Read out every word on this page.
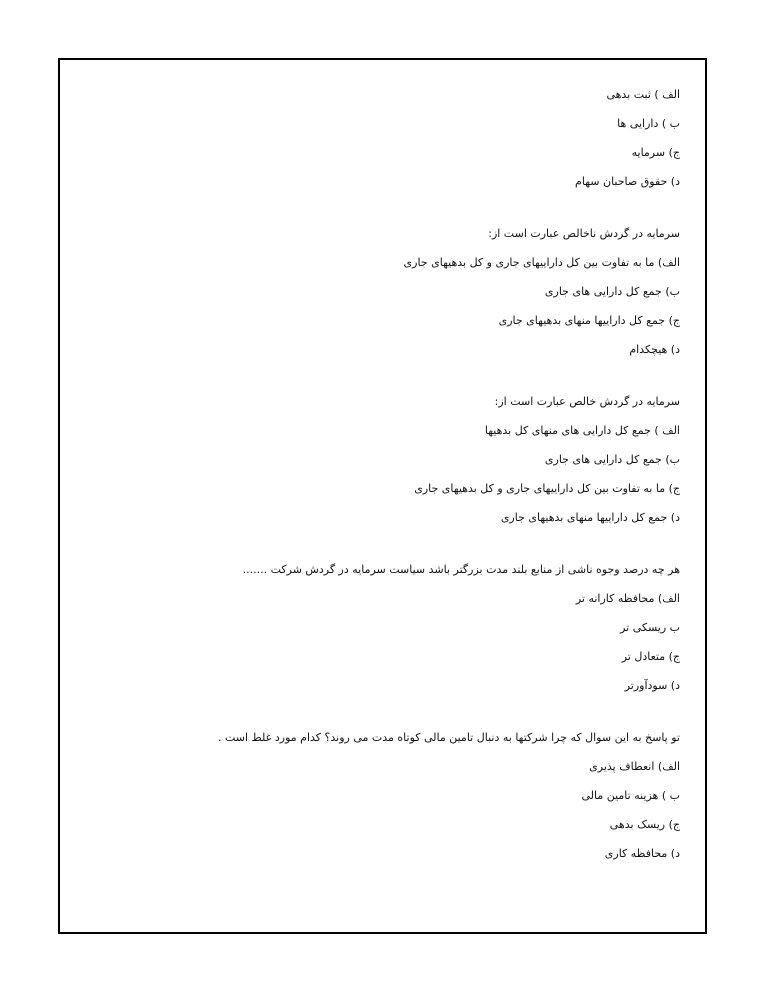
الف ) ثبت بدهی

ب ) دارایی ها

ج) سرمایه

د) حقوق صاحبان سهام

سرمایه در گردش ناخالص عبارت است از:

الف) ما به تفاوت بین کل داراییهای جاری و کل بدهیهای جاری

ب) جمع کل دارایی های جاری

ج) جمع کل داراییها منهای بدهیهای جاری

د) هیچکدام

سرمایه در گردش خالص عبارت است از:

الف ) جمع کل دارایی های منهای کل بدهیها

ب) جمع کل دارایی های جاری

ج) ما به تفاوت بین کل داراییهای جاری و کل بدهیهای جاری

د) جمع کل داراییها منهای بدهیهای جاری

هر چه درصد وجوه ناشی از منابع بلند مدت بزرگتر باشد سیاست سرمایه در گردش شرکت .......

الف) محافظه کارانه تر

ب ریسکی تر

ج) متعادل تر

د) سودآورتر

تو پاسخ به این سوال که چرا شرکتها به دنبال تامین مالی کوتاه مدت می روند؟ کدام مورد غلط است .

الف) انعطاف پذیری

ب ) هزینه تامین مالی

ج) ریسک بدهی

د) محافظه کاری
